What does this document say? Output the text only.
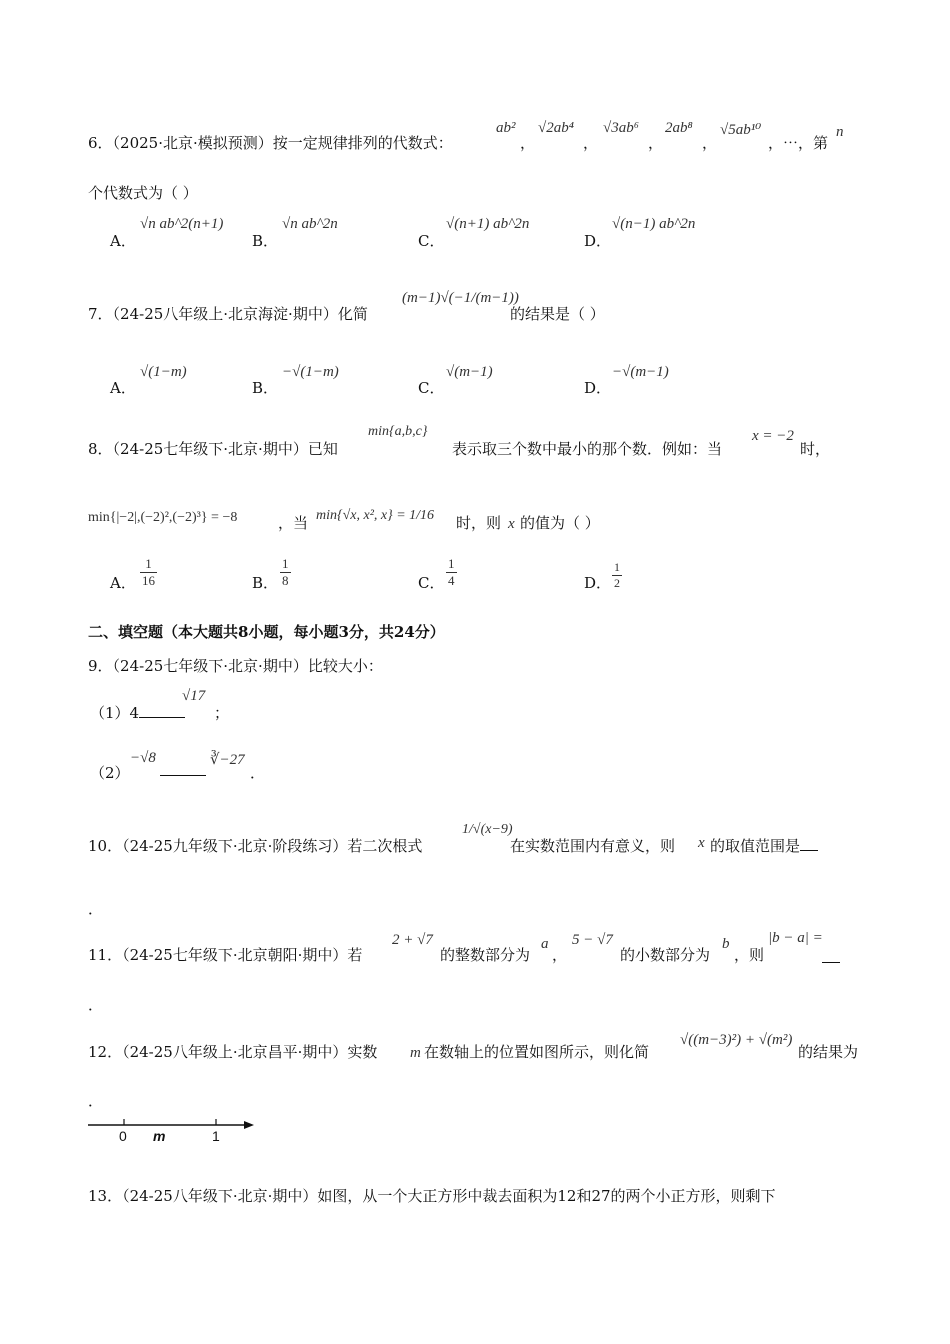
6．（2025·北京·模拟预测）按一定规律排列的代数式：
ab²
，
√2ab⁴
，
√3ab⁶
，
2ab⁸
，
√5ab¹⁰
，⋯，第
n
个代数式为（ ）
A．
√n ab^2(n+1)
B．
√n ab^2n
C．
√(n+1) ab^2n
D．
√(n−1) ab^2n
7．（24-25八年级上·北京海淀·期中）化简
(m−1)√(−1/(m−1))
的结果是（ ）
A．
√(1−m)
B．
−√(1−m)
C．
√(m−1)
D．
−√(m−1)
8．（24-25七年级下·北京·期中）已知
min{a,b,c}
表示取三个数中最小的那个数．例如：当
x = −2
时，
min{|−2|,(−2)²,(−2)³} = −8	，当 min{√x, x², x} = 1/16 时，则 x 的值为（ ）
A． $\frac{1}{16}$	B． $\frac{1}{8}$	C． $\frac{1}{4}$	D． $\frac{1}{2}$
二、填空题（本大题共8小题，每小题3分，共24分）
9．（24-25七年级下·北京·期中）比较大小：
（1）4
√17
；
（2）
−√8	∛−27
．
10．（24-25九年级下·北京·阶段练习）若二次根式
1/√(x−9)
在实数范围内有意义，则 x 的取值范围是
．
11．（24-25七年级下·北京朝阳·期中）若
2 + √7
的整数部分为
a
，
5 − √7
的小数部分为
b
，则
|b − a| =

．
12．（24-25八年级上·北京昌平·期中）实数 m 在数轴上的位置如图所示，则化简
√((m−3)²) + √(m²)
的结果为
．
0 m	1
13．（24-25八年级下·北京·期中）如图，从一个大正方形中裁去面积为12和27的两个小正方形，则剩下
